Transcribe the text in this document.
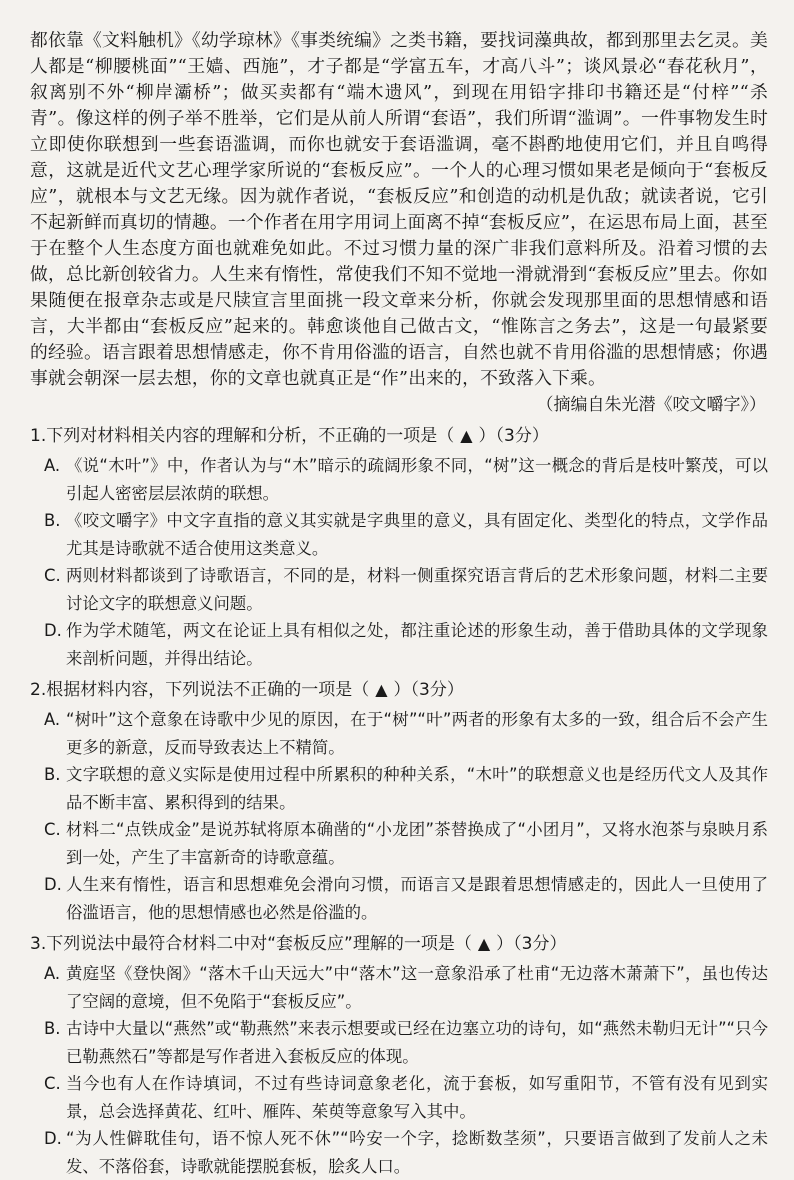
都依靠《文料触机》《幼学琼林》《事类统编》之类书籍，要找词藻典故，都到那里去乞灵。美人都是“柳腰桃面”“王嫱、西施”，才子都是“学富五车，才高八斗”；谈风景必“春花秋月”，叙离别不外“柳岸灞桥”；做买卖都有“端木遗风”，到现在用铅字排印书籍还是“付梓”“杀青”。像这样的例子举不胜举，它们是从前人所谓“套语”，我们所谓“滥调”。一件事物发生时立即使你联想到一些套语滥调，而你也就安于套语滥调，毫不斟酌地使用它们，并且自鸣得意，这就是近代文艺心理学家所说的“套板反应”。一个人的心理习惯如果老是倾向于“套板反应”，就根本与文艺无缘。因为就作者说，“套板反应”和创造的动机是仇敌；就读者说，它引不起新鲜而真切的情趣。一个作者在用字用词上面离不掉“套板反应”，在运思布局上面，甚至于在整个人生态度方面也就难免如此。不过习惯力量的深广非我们意料所及。沿着习惯的去做，总比新创较省力。人生来有惰性，常使我们不知不觉地一滑就滑到“套板反应”里去。你如果随便在报章杂志或是尺牍宣言里面挑一段文章来分析，你就会发现那里面的思想情感和语言，大半都由“套板反应”起来的。韩愈谈他自己做古文，“惟陈言之务去”，这是一句最紧要的经验。语言跟着思想情感走，你不肯用俗滥的语言，自然也就不肯用俗滥的思想情感；你遇事就会朝深一层去想，你的文章也就真正是“作”出来的，不致落入下乘。

（摘编自朱光潜《咬文嚼字》）
1.下列对材料相关内容的理解和分析，不正确的一项是（ ▲ ）（3分）
A. 《说“木叶”》中，作者认为与“木”暗示的疏阔形象不同，“树”这一概念的背后是枝叶繁茂，可以引起人密密层层浓荫的联想。
B. 《咬文嚼字》中文字直指的意义其实就是字典里的意义，具有固定化、类型化的特点，文学作品尤其是诗歌就不适合使用这类意义。
C. 两则材料都谈到了诗歌语言，不同的是，材料一侧重探究语言背后的艺术形象问题，材料二主要讨论文字的联想意义问题。
D. 作为学术随笔，两文在论证上具有相似之处，都注重论述的形象生动，善于借助具体的文学现象来剖析问题，并得出结论。
2.根据材料内容，下列说法不正确的一项是（ ▲ ）（3分）
A. “树叶”这个意象在诗歌中少见的原因，在于“树”“叶”两者的形象有太多的一致，组合后不会产生更多的新意，反而导致表达上不精简。
B. 文字联想的意义实际是使用过程中所累积的种种关系，“木叶”的联想意义也是经历代文人及其作品不断丰富、累积得到的结果。
C. 材料二“点铁成金”是说苏轼将原本确凿的“小龙团”茶替换成了“小团月”，又将水泡茶与泉映月系到一处，产生了丰富新奇的诗歌意蕴。
D. 人生来有惰性，语言和思想难免会滑向习惯，而语言又是跟着思想情感走的，因此人一旦使用了俗滥语言，他的思想情感也必然是俗滥的。
3.下列说法中最符合材料二中对“套板反应”理解的一项是（ ▲ ）（3分）
A. 黄庭坚《登快阁》“落木千山天远大”中“落木”这一意象沿承了杜甫“无边落木萧萧下”，虽也传达了空阔的意境，但不免陷于“套板反应”。
B. 古诗中大量以“燕然”或“勒燕然”来表示想要或已经在边塞立功的诗句，如“燕然未勒归无计”“只今已勒燕然石”等都是写作者进入套板反应的体现。
C. 当今也有人在作诗填词，不过有些诗词意象老化，流于套板，如写重阳节，不管有没有见到实景，总会选择黄花、红叶、雁阵、茱萸等意象写入其中。
D. “为人性僻耽佳句，语不惊人死不休”“吟安一个字，捻断数茎须”，只要语言做到了发前人之未发、不落俗套，诗歌就能摆脱套板，脍炙人口。
